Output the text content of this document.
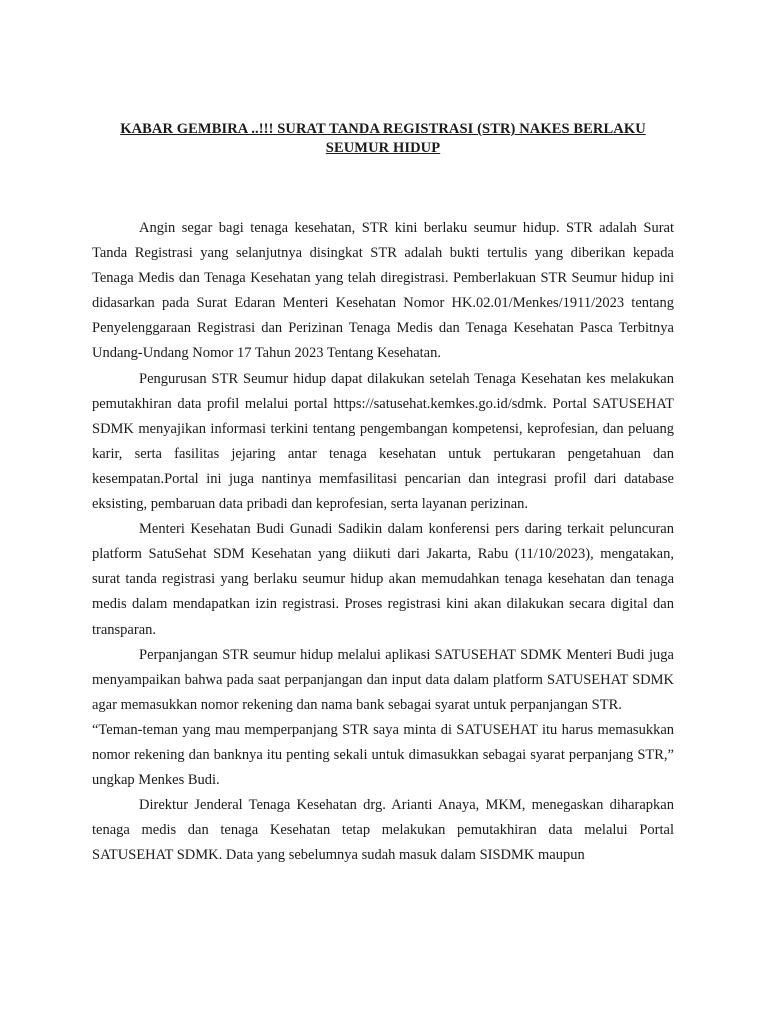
KABAR GEMBIRA ..!!! SURAT TANDA REGISTRASI (STR) NAKES BERLAKU
SEUMUR HIDUP

Angin segar bagi tenaga kesehatan, STR kini berlaku seumur hidup. STR adalah Surat Tanda Registrasi yang selanjutnya disingkat STR adalah bukti tertulis yang diberikan kepada Tenaga Medis dan Tenaga Kesehatan yang telah diregistrasi. Pemberlakuan STR Seumur hidup ini didasarkan pada Surat Edaran Menteri Kesehatan Nomor HK.02.01/Menkes/1911/2023 tentang Penyelenggaraan Registrasi dan Perizinan Tenaga Medis dan Tenaga Kesehatan Pasca Terbitnya Undang-Undang Nomor 17 Tahun 2023 Tentang Kesehatan.

Pengurusan STR Seumur hidup dapat dilakukan setelah Tenaga Kesehatan kes melakukan pemutakhiran data profil melalui portal https://satusehat.kemkes.go.id/sdmk. Portal SATUSEHAT SDMK menyajikan informasi terkini tentang pengembangan kompetensi, keprofesian, dan peluang karir, serta fasilitas jejaring antar tenaga kesehatan untuk pertukaran pengetahuan dan kesempatan.Portal ini juga nantinya memfasilitasi pencarian dan integrasi profil dari database eksisting, pembaruan data pribadi dan keprofesian, serta layanan perizinan.

Menteri Kesehatan Budi Gunadi Sadikin dalam konferensi pers daring terkait peluncuran platform SatuSehat SDM Kesehatan yang diikuti dari Jakarta, Rabu (11/10/2023), mengatakan, surat tanda registrasi yang berlaku seumur hidup akan memudahkan tenaga kesehatan dan tenaga medis dalam mendapatkan izin registrasi. Proses registrasi kini akan dilakukan secara digital dan transparan.

Perpanjangan STR seumur hidup melalui aplikasi SATUSEHAT SDMK Menteri Budi juga menyampaikan bahwa pada saat perpanjangan dan input data dalam platform SATUSEHAT SDMK agar memasukkan nomor rekening dan nama bank sebagai syarat untuk perpanjangan STR.

“Teman-teman yang mau memperpanjang STR saya minta di SATUSEHAT itu harus memasukkan nomor rekening dan banknya itu penting sekali untuk dimasukkan sebagai syarat perpanjang STR,” ungkap Menkes Budi.

Direktur Jenderal Tenaga Kesehatan drg. Arianti Anaya, MKM, menegaskan diharapkan tenaga medis dan tenaga Kesehatan tetap melakukan pemutakhiran data melalui Portal SATUSEHAT SDMK. Data yang sebelumnya sudah masuk dalam SISDMK maupun
